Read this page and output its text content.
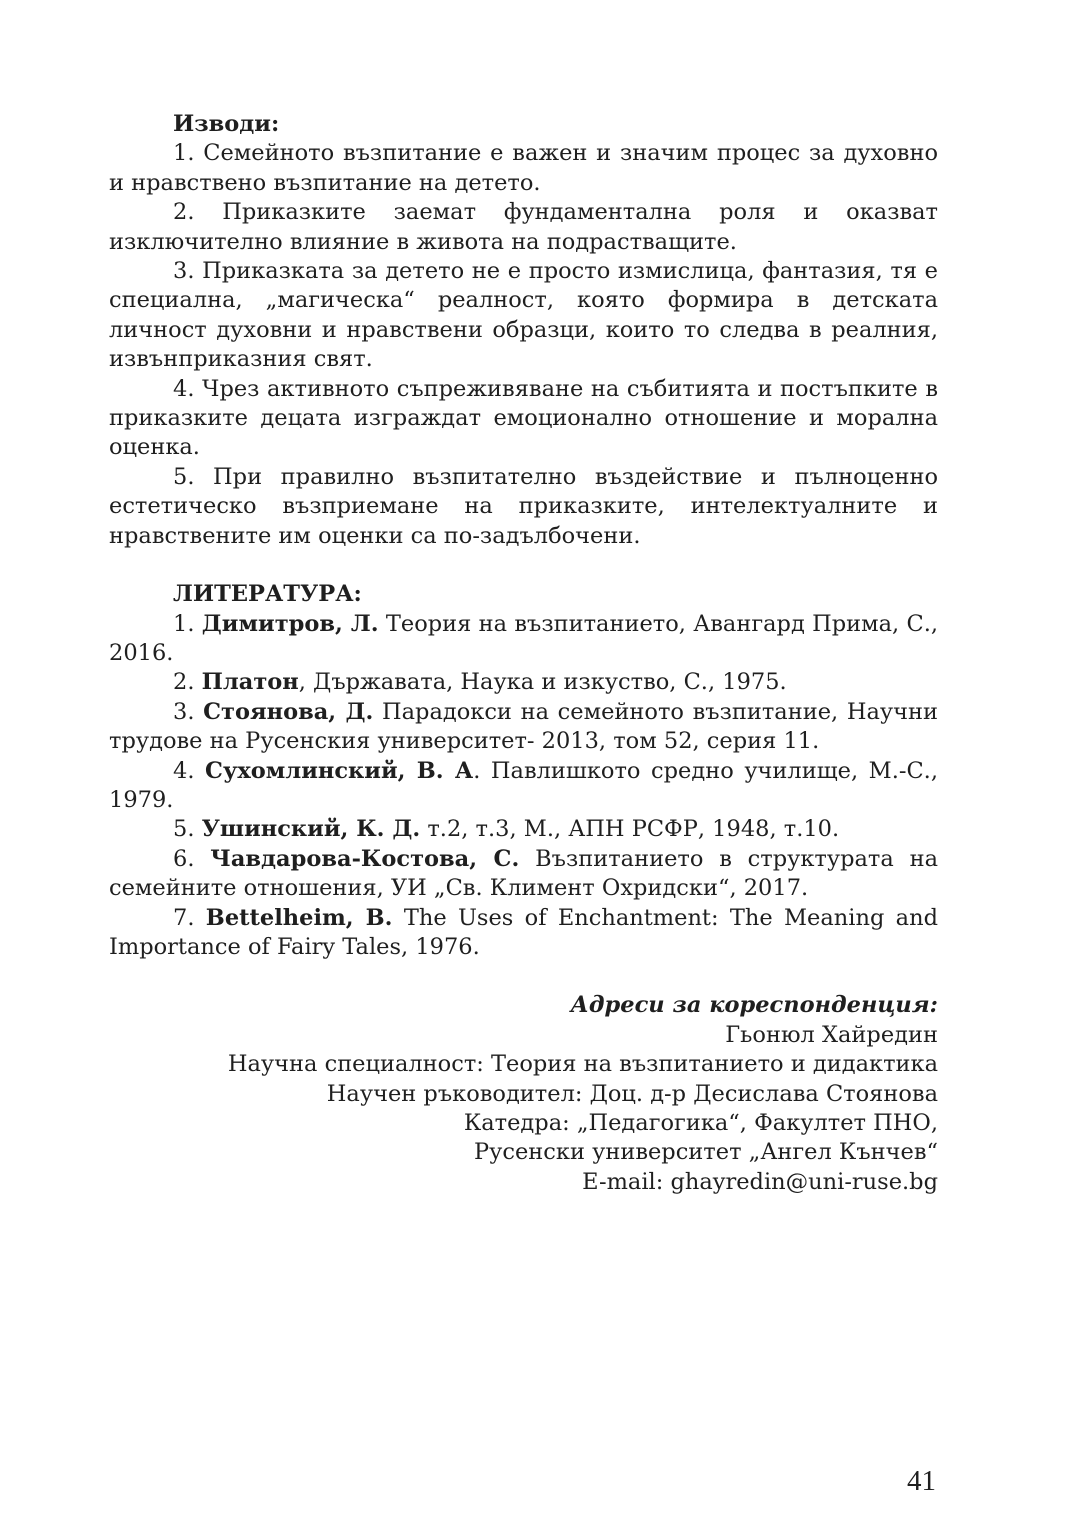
Изводи:

1. Семейното възпитание е важен и значим процес за духовно и нравствено възпитание на детето.

2. Приказките заемат фундаментална роля и оказват изключително влияние в живота на подрастващите.

3. Приказката за детето не е просто измислица, фантазия, тя е специална, „магическа“ реалност, която формира в детската личност духовни и нравствени образци, които то следва в реалния, извънприказния свят.

4. Чрез активното съпреживяване на събитията и постъпките в приказките децата изграждат емоционално отношение и морална оценка.

5. При правилно възпитателно въздействие и пълноценно естетическо възприемане на приказките, интелектуалните и нравствените им оценки са по-задълбочени.

ЛИТЕРАТУРА:

1. Димитров, Л. Теория на възпитанието, Авангард Прима, С., 2016.

2. Платон, Държавата, Наука и изкуство, С., 1975.

3. Стоянова, Д. Парадокси на семейното възпитание, Научни трудове на Русенския университет- 2013, том 52, серия 11.

4. Сухомлинский, В. А. Павлишкото средно училище, М.-С., 1979.

5. Ушинский, К. Д. т.2, т.3, М., АПН РСФР, 1948, т.10.

6. Чавдарова-Костова, С. Възпитанието в структурата на семейните отношения, УИ „Св. Климент Охридски“, 2017.

7. Bettelheim, B. The Uses of Enchantment: The Meaning and Importance of Fairy Tales, 1976.

Адреси за кореспонденция:

Гьонюл Хайредин

Научна специалност: Теория на възпитанието и дидактика

Научен ръководител: Доц. д-р Десислава Стоянова

Катедра: „Педагогика“, Факултет ПНО,

Русенски университет „Ангел Кънчев“

E-mail: ghayredin@uni-ruse.bg

41
